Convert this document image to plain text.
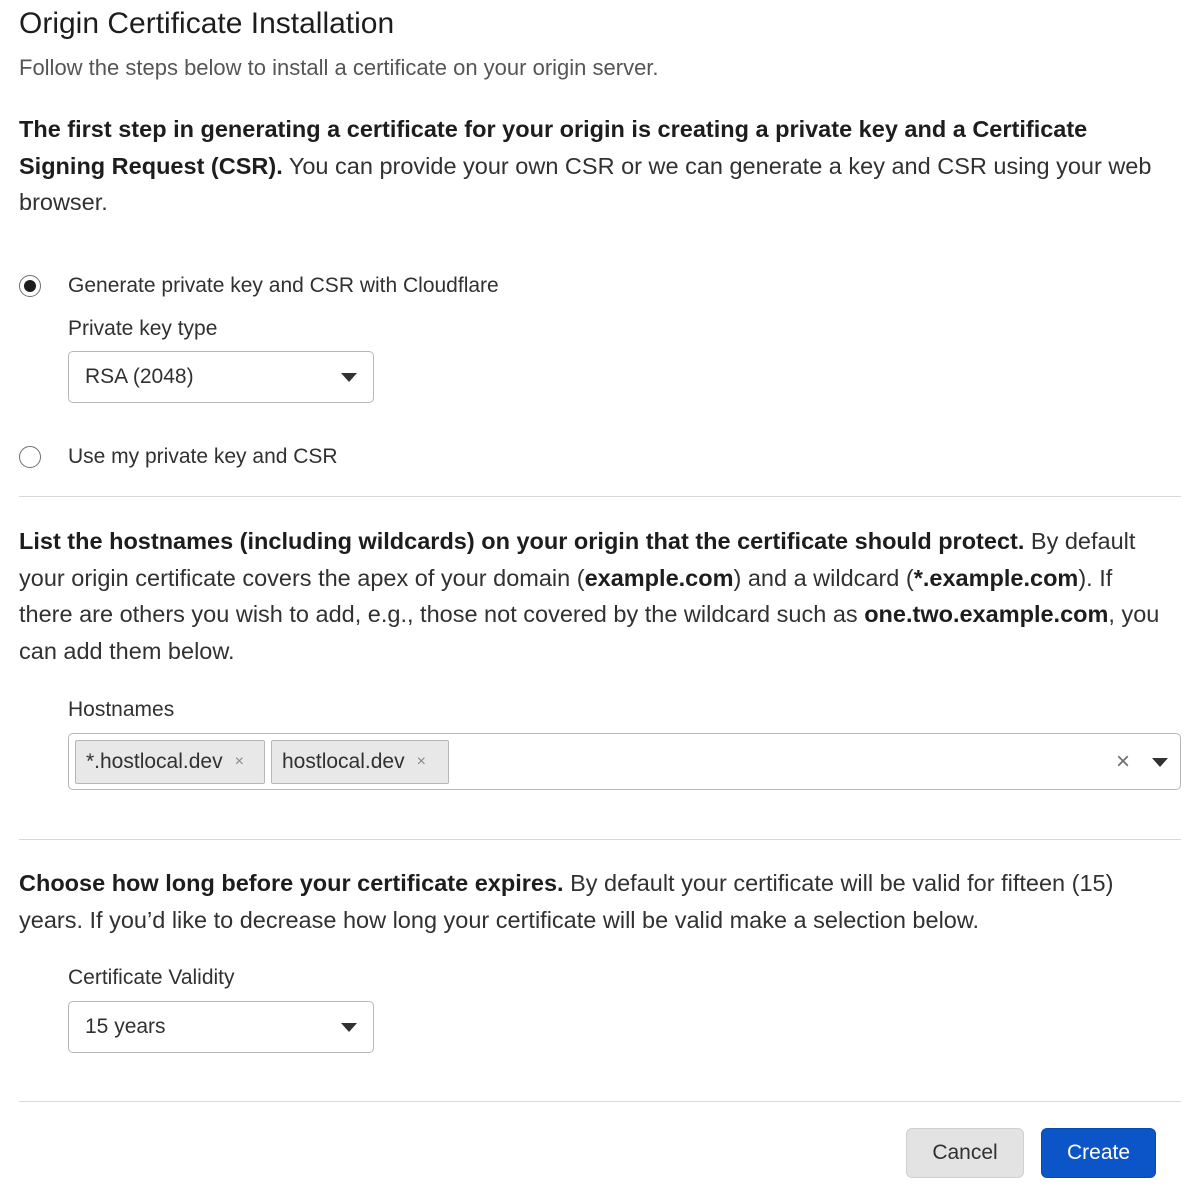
Origin Certificate Installation
Follow the steps below to install a certificate on your origin server.
The first step in generating a certificate for your origin is creating a private key and a Certificate Signing Request (CSR). You can provide your own CSR or we can generate a key and CSR using your web browser.
Generate private key and CSR with Cloudflare
Private key type
RSA (2048)
Use my private key and CSR
List the hostnames (including wildcards) on your origin that the certificate should protect. By default your origin certificate covers the apex of your domain (example.com) and a wildcard (*.example.com). If there are others you wish to add, e.g., those not covered by the wildcard such as one.two.example.com, you can add them below.
Hostnames
*.hostlocal.dev ×	hostlocal.dev ×	×
Choose how long before your certificate expires. By default your certificate will be valid for fifteen (15) years. If you’d like to decrease how long your certificate will be valid make a selection below.
Certificate Validity
15 years
Cancel	Create
